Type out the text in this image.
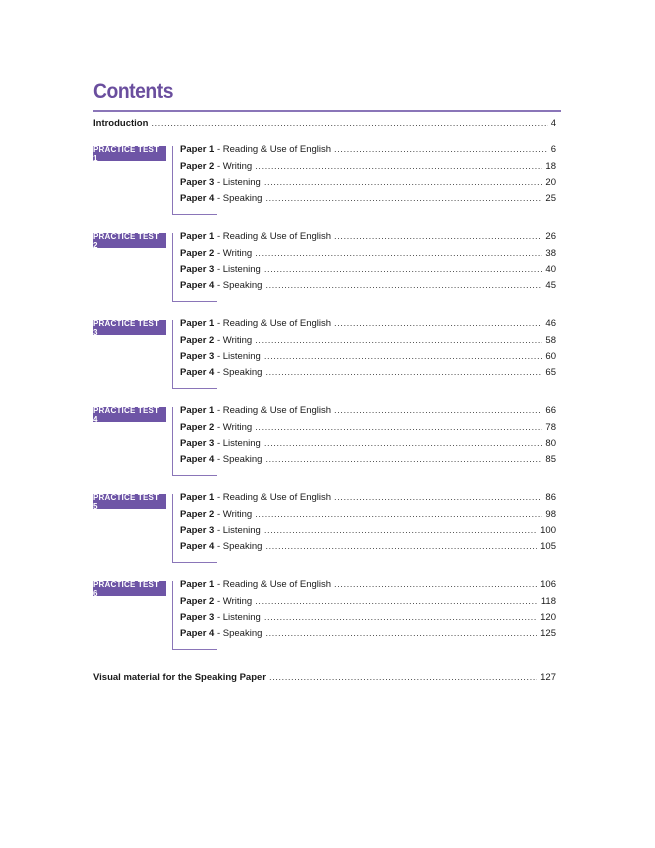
Contents
Introduction .....	4
PRACTICE TEST 1
Paper 1 - Reading & Use of English .....	6
Paper 2 - Writing .....	18
Paper 3 - Listening .....	20
Paper 4 - Speaking .....	25
PRACTICE TEST 2
Paper 1 - Reading & Use of English .....	26
Paper 2 - Writing .....	38
Paper 3 - Listening .....	40
Paper 4 - Speaking .....	45
PRACTICE TEST 3
Paper 1 - Reading & Use of English .....	46
Paper 2 - Writing .....	58
Paper 3 - Listening .....	60
Paper 4 - Speaking .....	65
PRACTICE TEST 4
Paper 1 - Reading & Use of English .....	66
Paper 2 - Writing .....	78
Paper 3 - Listening .....	80
Paper 4 - Speaking .....	85
PRACTICE TEST 5
Paper 1 - Reading & Use of English .....	86
Paper 2 - Writing .....	98
Paper 3 - Listening .....	100
Paper 4 - Speaking .....	105
PRACTICE TEST 6
Paper 1 - Reading & Use of English .....	106
Paper 2 - Writing .....	118
Paper 3 - Listening .....	120
Paper 4 - Speaking .....	125
Visual material for the Speaking Paper .....	127
